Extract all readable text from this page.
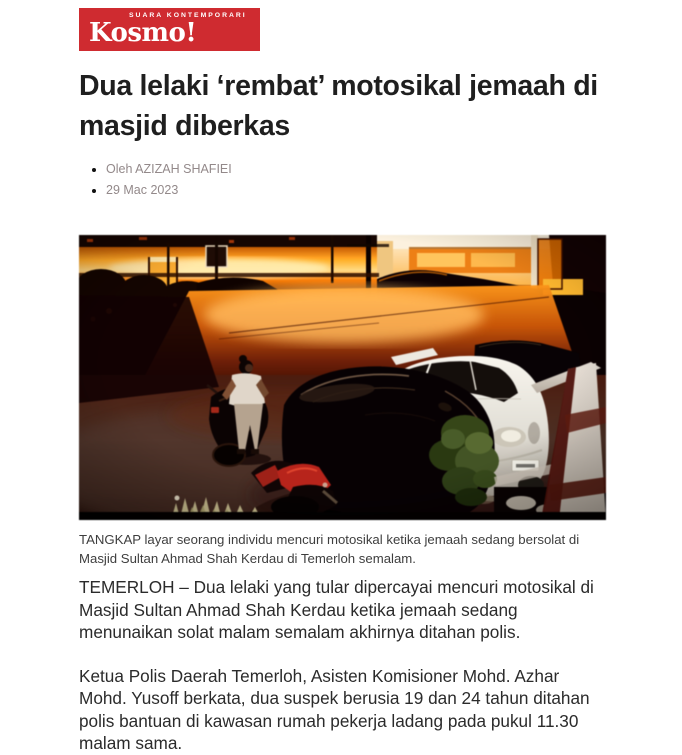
SUARA KONTEMPORARI
Kosmo!
Dua lelaki ‘rembat’ motosikal jemaah di masjid diberkas
• Oleh AZIZAH SHAFIEI
• 29 Mac 2023
TANGKAP layar seorang individu mencuri motosikal ketika jemaah sedang bersolat di Masjid Sultan Ahmad Shah Kerdau di Temerloh semalam.

TEMERLOH – Dua lelaki yang tular dipercayai mencuri motosikal di Masjid Sultan Ahmad Shah Kerdau ketika jemaah sedang menunaikan solat malam semalam akhirnya ditahan polis.

Ketua Polis Daerah Temerloh, Asisten Komisioner Mohd. Azhar Mohd. Yusoff berkata, dua suspek berusia 19 dan 24 tahun ditahan polis bantuan di kawasan rumah pekerja ladang pada pukul 11.30 malam sama.
